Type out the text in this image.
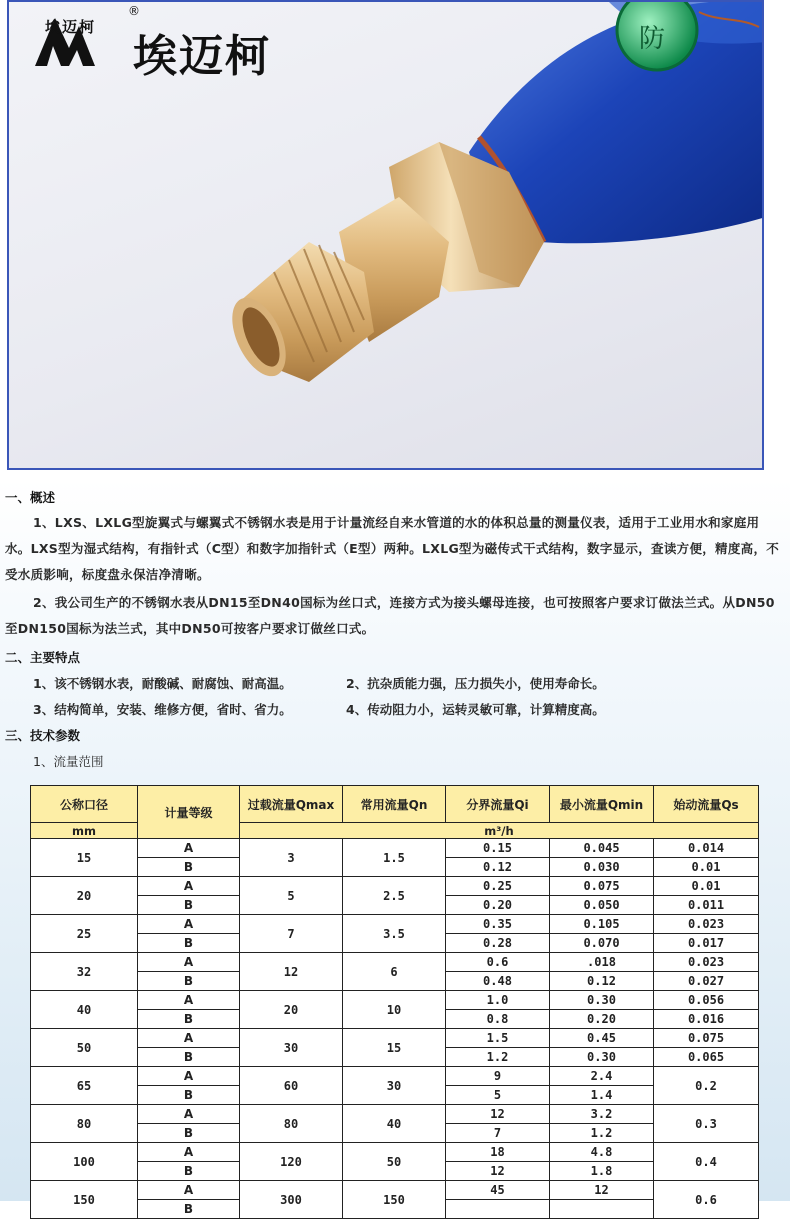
防
埃迈柯
®
埃迈柯
一、概述
1、LXS、LXLG型旋翼式与螺翼式不锈钢水表是用于计量流经自来水管道的水的体积总量的测量仪表，适用于工业用水和家庭用水。LXS型为湿式结构，有指针式（C型）和数字加指针式（E型）两种。LXLG型为磁传式干式结构，数字显示，查读方便，精度高，不受水质影响，标度盘永保洁净清晰。
2、我公司生产的不锈钢水表从DN15至DN40国标为丝口式，连接方式为接头螺母连接，也可按照客户要求订做法兰式。从DN50至DN150国标为法兰式，其中DN50可按客户要求订做丝口式。
二、主要特点
1、该不锈钢水表，耐酸碱、耐腐蚀、耐高温。	2、抗杂质能力强，压力损失小，使用寿命长。
3、结构简单，安装、维修方便，省时、省力。	4、传动阻力小，运转灵敏可靠，计算精度高。
三、技术参数
1、流量范围
公称口径	计量等级	过载流量Qmax	常用流量Qn	分界流量Qi	最小流量Qmin	始动流量Qs
mm		m³/h				
15	A	3	1.5	0.15	0.045	0.014
	B			0.12	0.030	0.01
20	A	5	2.5	0.25	0.075	0.01
	B			0.20	0.050	0.011
25	A	7	3.5	0.35	0.105	0.023
	B			0.28	0.070	0.017
32	A	12	6	0.6	.018	0.023
	B			0.48	0.12	0.027
40	A	20	10	1.0	0.30	0.056
	B			0.8	0.20	0.016
50	A	30	15	1.5	0.45	0.075
	B			1.2	0.30	0.065
65	A	60	30	9	2.4	0.2
	B			5	1.4	
80	A	80	40	12	3.2	0.3
	B			7	1.2	
100	A	120	50	18	4.8	0.4
	B			12	1.8	
150	A	300	150	45	12	0.6
	B					
